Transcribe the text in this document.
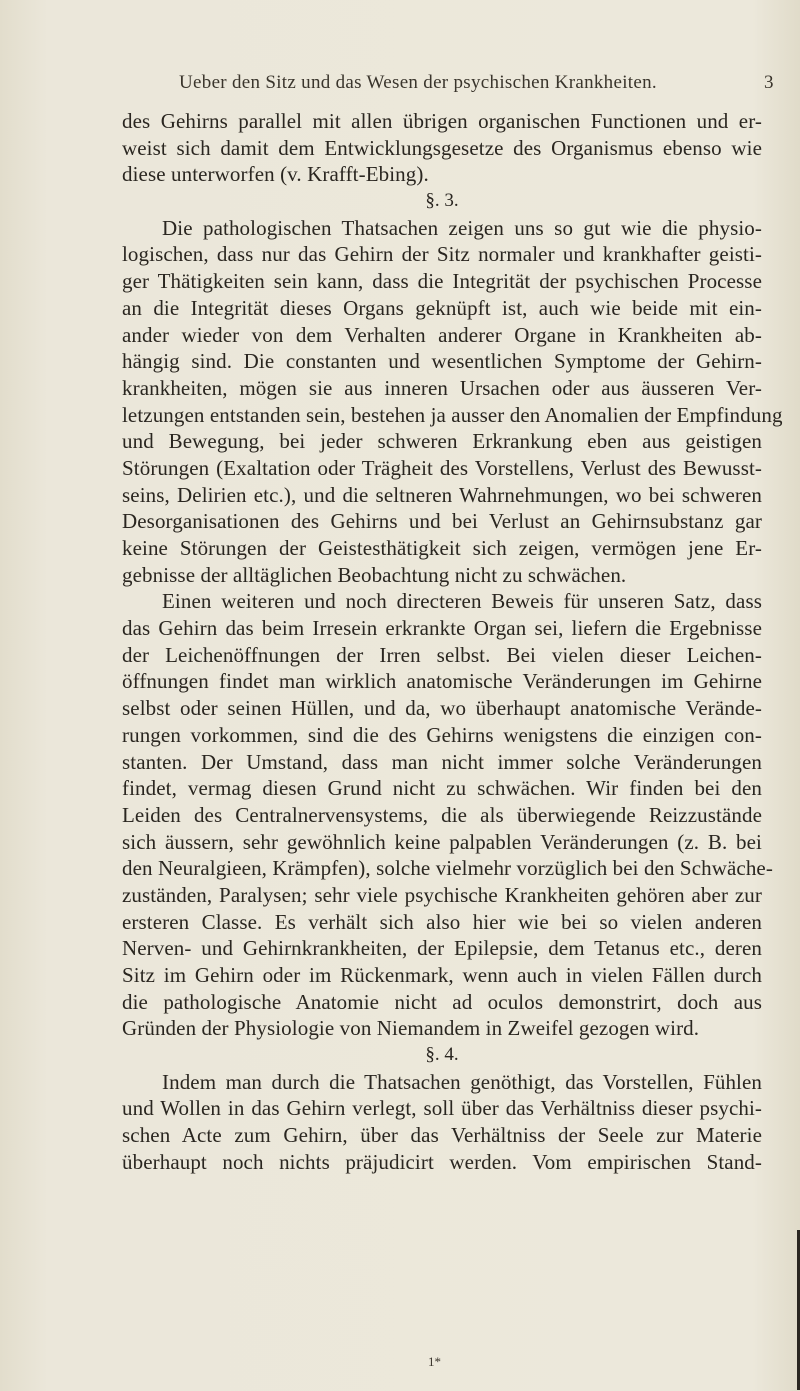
Ueber den Sitz und das Wesen der psychischen Krankheiten.	3
des Gehirns parallel mit allen übrigen organischen Functionen und er-
weist sich damit dem Entwicklungsgesetze des Organismus ebenso wie
diese unterworfen (v. Krafft-Ebing).
§. 3.
Die pathologischen Thatsachen zeigen uns so gut wie die physio-
logischen, dass nur das Gehirn der Sitz normaler und krankhafter geisti-
ger Thätigkeiten sein kann, dass die Integrität der psychischen Processe
an die Integrität dieses Organs geknüpft ist, auch wie beide mit ein-
ander wieder von dem Verhalten anderer Organe in Krankheiten ab-
hängig sind. Die constanten und wesentlichen Symptome der Gehirn-
krankheiten, mögen sie aus inneren Ursachen oder aus äusseren Ver-
letzungen entstanden sein, bestehen ja ausser den Anomalien der Empfindung
und Bewegung, bei jeder schweren Erkrankung eben aus geistigen
Störungen (Exaltation oder Trägheit des Vorstellens, Verlust des Bewusst-
seins, Delirien etc.), und die seltneren Wahrnehmungen, wo bei schweren
Desorganisationen des Gehirns und bei Verlust an Gehirnsubstanz gar
keine Störungen der Geistesthätigkeit sich zeigen, vermögen jene Er-
gebnisse der alltäglichen Beobachtung nicht zu schwächen.
Einen weiteren und noch directeren Beweis für unseren Satz, dass
das Gehirn das beim Irresein erkrankte Organ sei, liefern die Ergebnisse
der Leichenöffnungen der Irren selbst. Bei vielen dieser Leichen-
öffnungen findet man wirklich anatomische Veränderungen im Gehirne
selbst oder seinen Hüllen, und da, wo überhaupt anatomische Verände-
rungen vorkommen, sind die des Gehirns wenigstens die einzigen con-
stanten. Der Umstand, dass man nicht immer solche Veränderungen
findet, vermag diesen Grund nicht zu schwächen. Wir finden bei den
Leiden des Centralnervensystems, die als überwiegende Reizzustände
sich äussern, sehr gewöhnlich keine palpablen Veränderungen (z. B. bei
den Neuralgieen, Krämpfen), solche vielmehr vorzüglich bei den Schwäche-
zuständen, Paralysen; sehr viele psychische Krankheiten gehören aber zur
ersteren Classe. Es verhält sich also hier wie bei so vielen anderen
Nerven- und Gehirnkrankheiten, der Epilepsie, dem Tetanus etc., deren
Sitz im Gehirn oder im Rückenmark, wenn auch in vielen Fällen durch
die pathologische Anatomie nicht ad oculos demonstrirt, doch aus
Gründen der Physiologie von Niemandem in Zweifel gezogen wird.
§. 4.
Indem man durch die Thatsachen genöthigt, das Vorstellen, Fühlen
und Wollen in das Gehirn verlegt, soll über das Verhältniss dieser psychi-
schen Acte zum Gehirn, über das Verhältniss der Seele zur Materie
überhaupt noch nichts präjudicirt werden. Vom empirischen Stand-
1*
